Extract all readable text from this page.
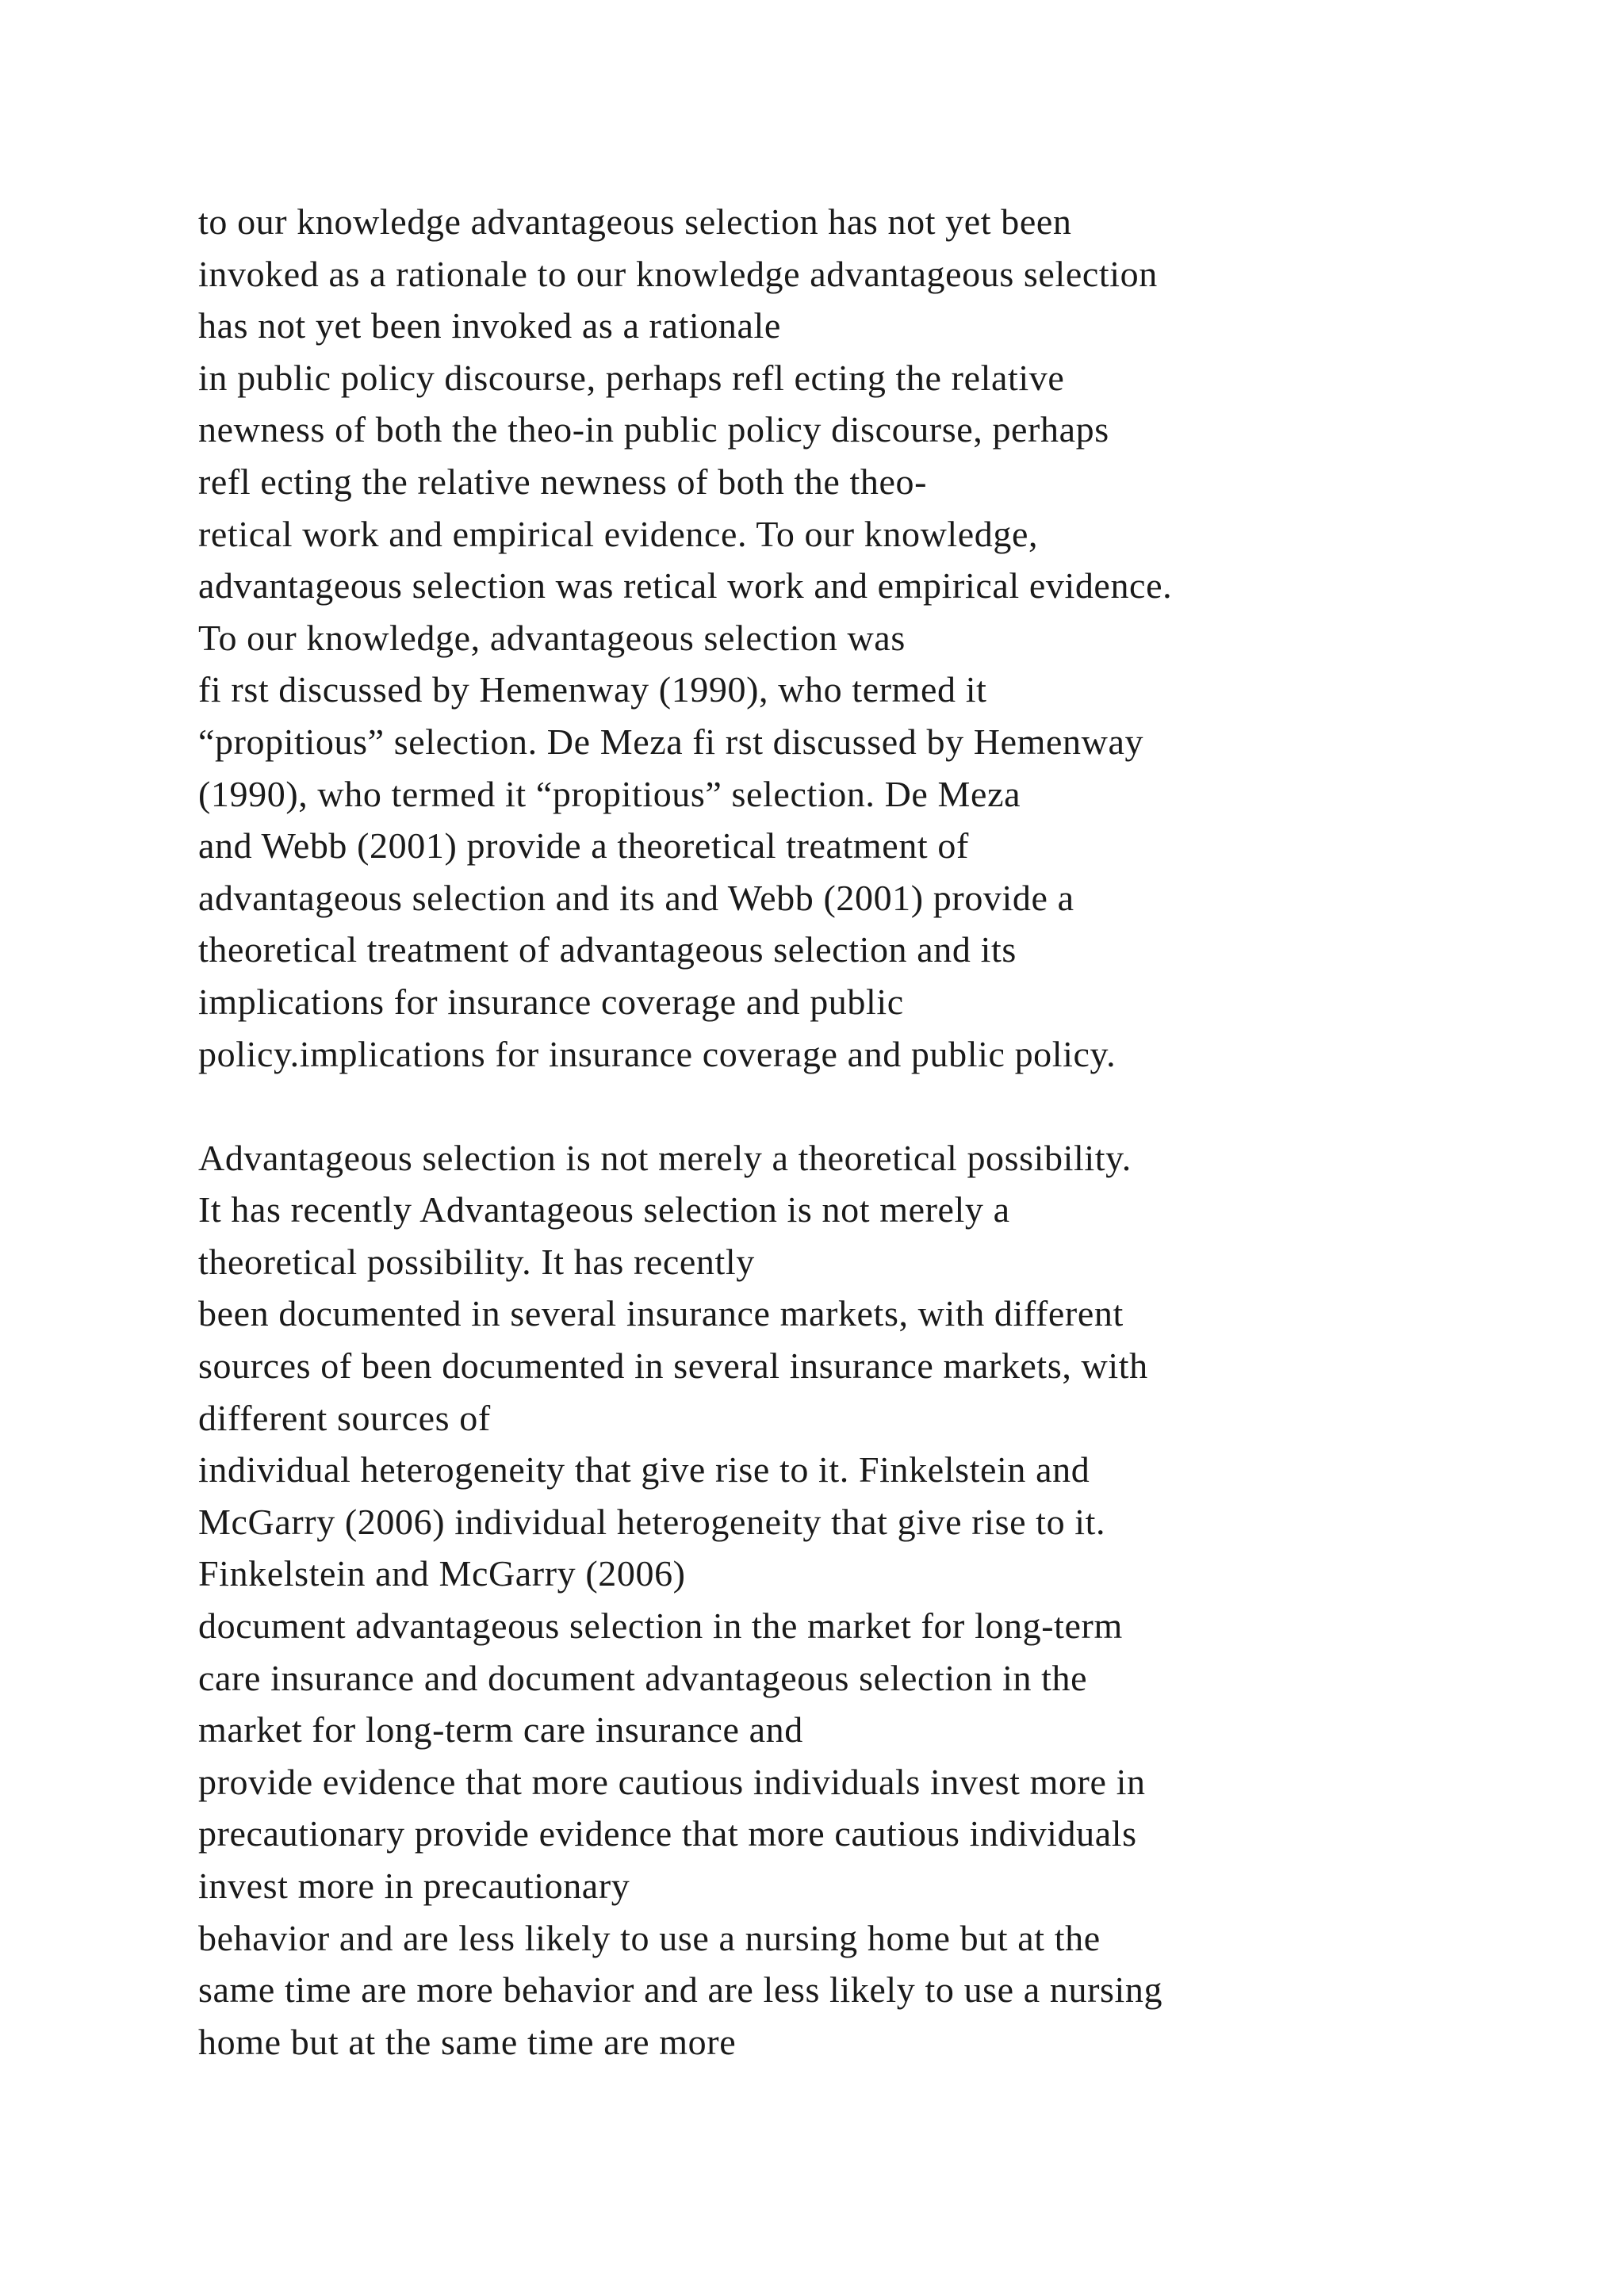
to our knowledge advantageous selection has not yet been
invoked as a rationale to our knowledge advantageous selection
has not yet been invoked as a rationale
in public policy discourse, perhaps refl ecting the relative
newness of both the theo-in public policy discourse, perhaps
refl ecting the relative newness of both the theo-
retical work and empirical evidence. To our knowledge,
advantageous selection was retical work and empirical evidence.
To our knowledge, advantageous selection was
fi rst discussed by Hemenway (1990), who termed it
“propitious” selection. De Meza fi rst discussed by Hemenway
(1990), who termed it “propitious” selection. De Meza
and Webb (2001) provide a theoretical treatment of
advantageous selection and its and Webb (2001) provide a
theoretical treatment of advantageous selection and its
implications for insurance coverage and public
policy.implications for insurance coverage and public policy.
Advantageous selection is not merely a theoretical possibility.
It has recently Advantageous selection is not merely a
theoretical possibility. It has recently
been documented in several insurance markets, with different
sources of been documented in several insurance markets, with
different sources of
individual heterogeneity that give rise to it. Finkelstein and
McGarry (2006) individual heterogeneity that give rise to it.
Finkelstein and McGarry (2006)
document advantageous selection in the market for long-term
care insurance and document advantageous selection in the
market for long-term care insurance and
provide evidence that more cautious individuals invest more in
precautionary provide evidence that more cautious individuals
invest more in precautionary
behavior and are less likely to use a nursing home but at the
same time are more behavior and are less likely to use a nursing
home but at the same time are more
